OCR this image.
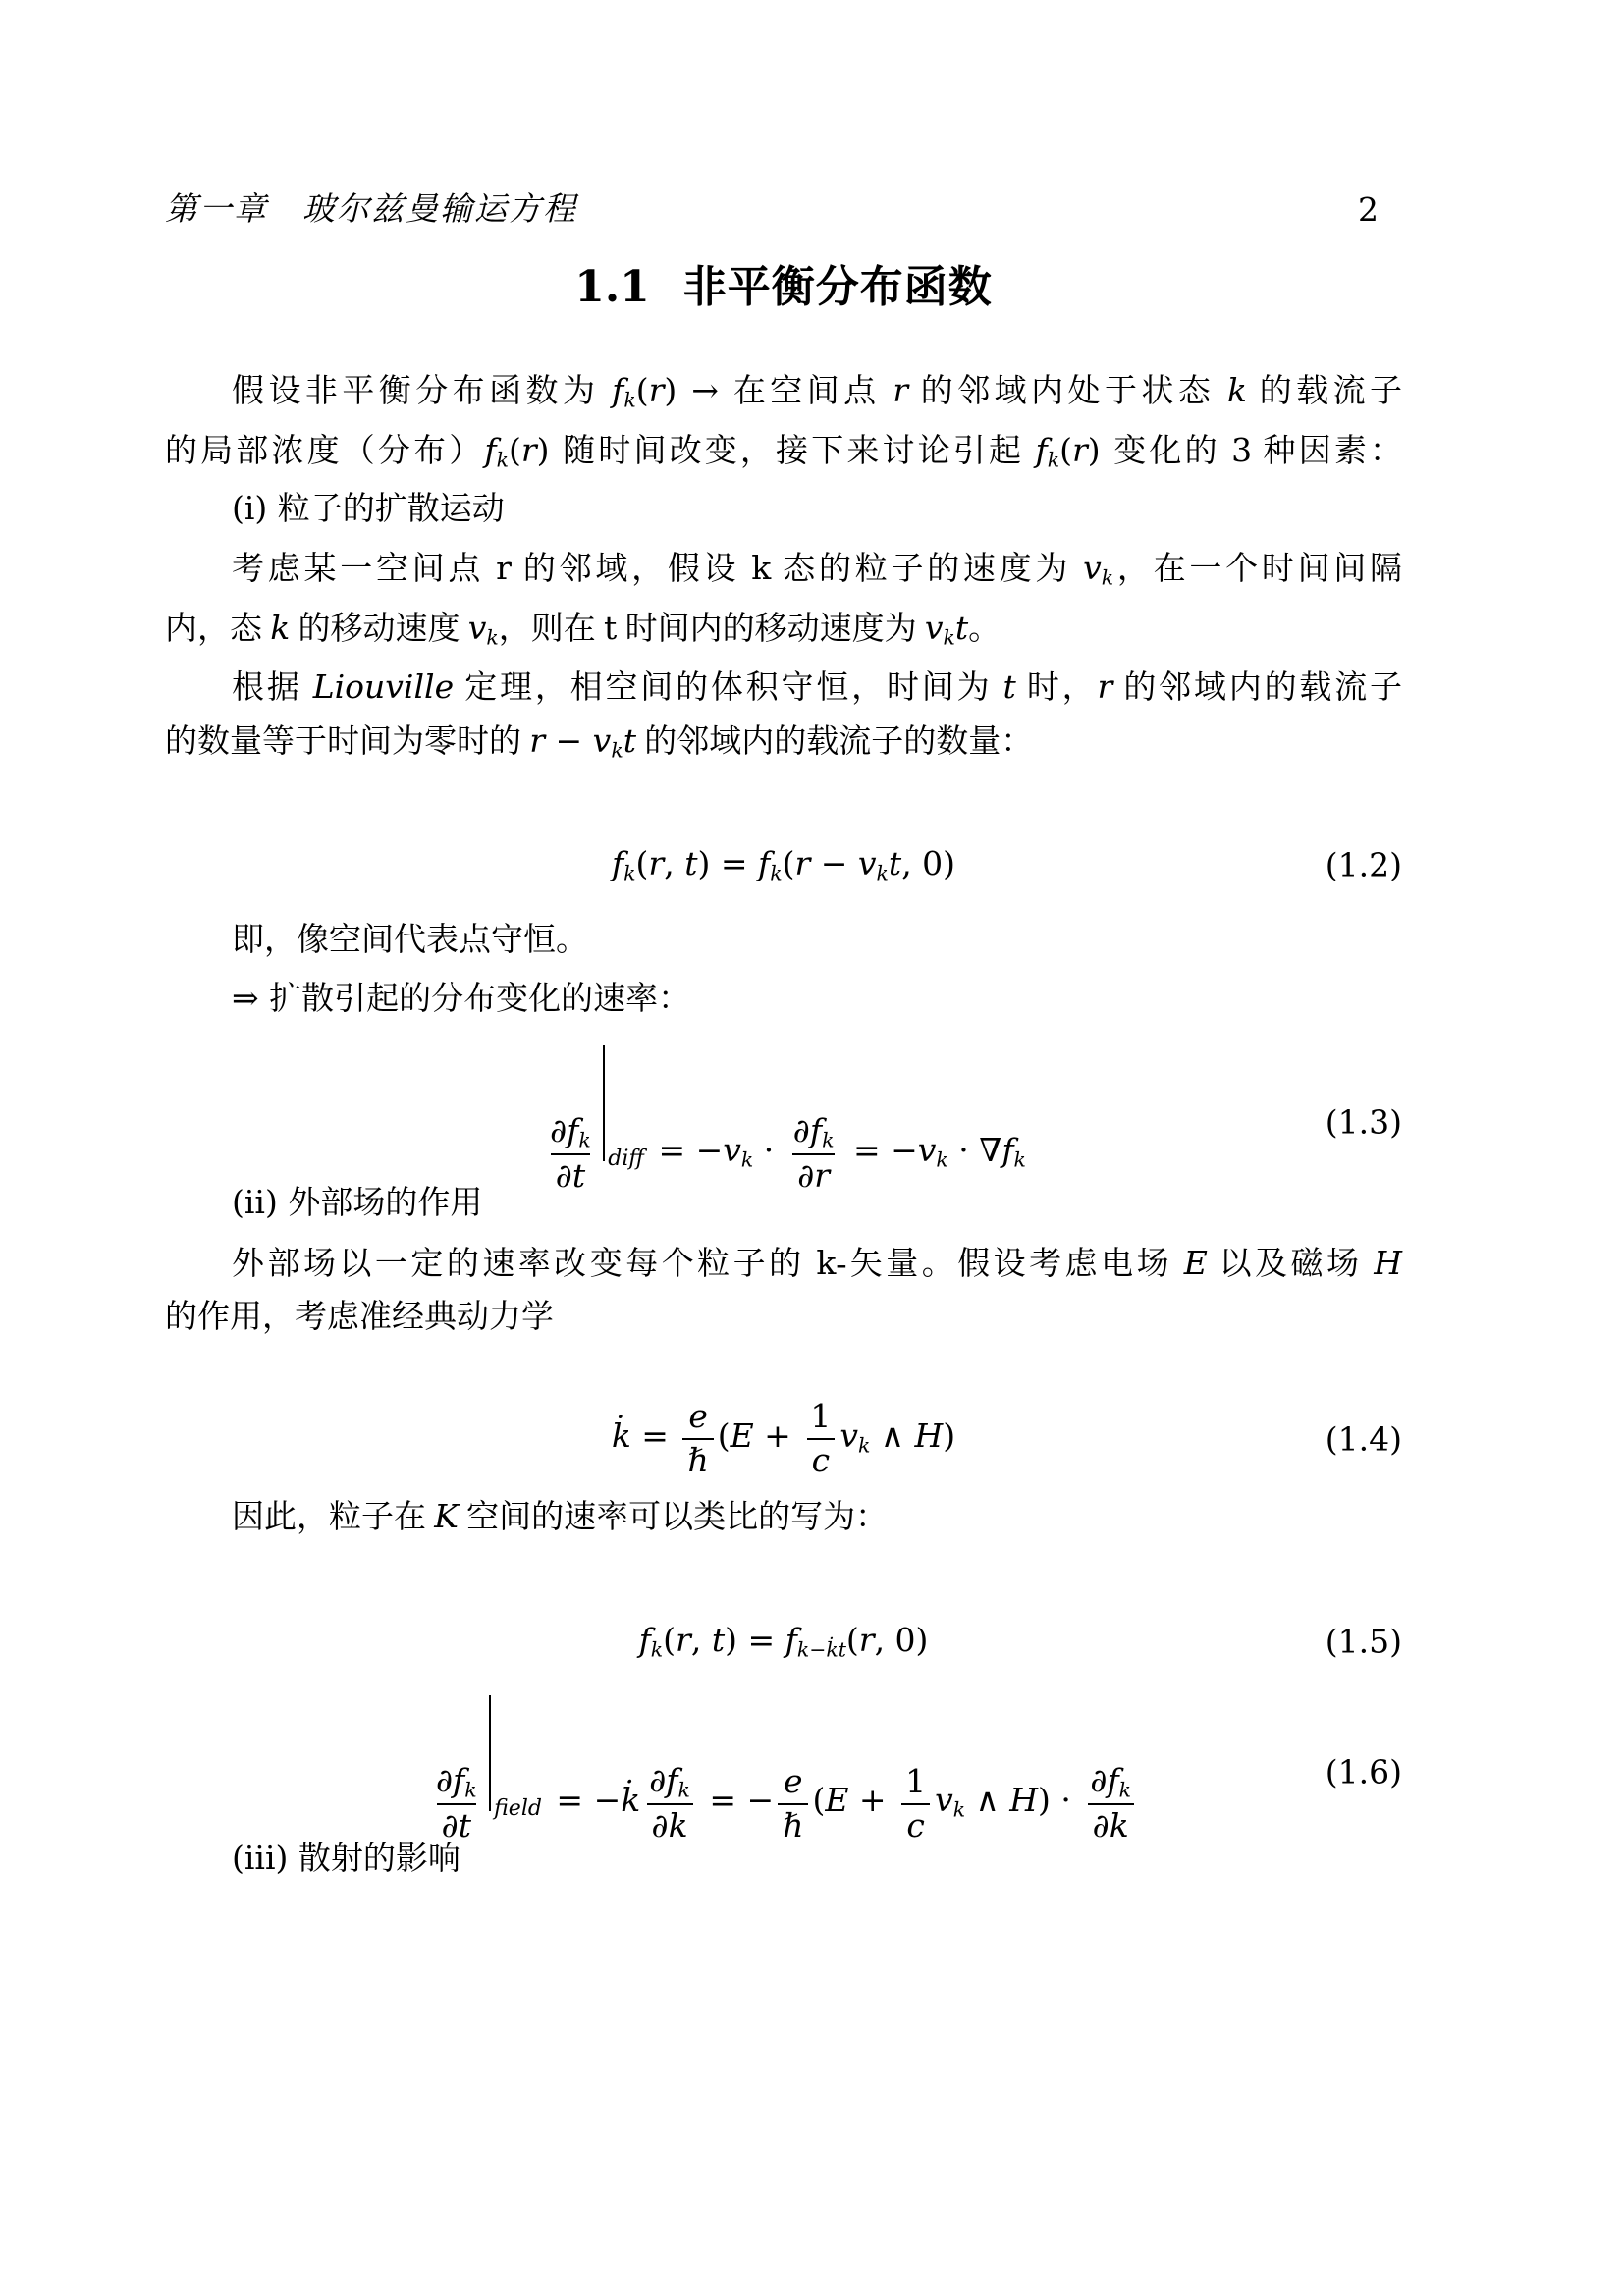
第一章　玻尔兹曼输运方程	2
1.1 非平衡分布函数
假设非平衡分布函数为 fk(r) → 在空间点 r 的邻域内处于状态 k 的载流子
的局部浓度（分布）fk(r) 随时间改变，接下来讨论引起 fk(r) 变化的 3 种因素：
(i) 粒子的扩散运动
考虑某一空间点 r 的邻域，假设 k 态的粒子的速度为 vk，在一个时间间隔
内，态 k 的移动速度 vk，则在 t 时间内的移动速度为 vkt。
根据 Liouville 定理，相空间的体积守恒，时间为 t 时，r 的邻域内的载流子
的数量等于时间为零时的 r − vkt 的邻域内的载流子的数量：
fk(r, t) = fk(r − vkt, 0)	(1.2)
即，像空间代表点守恒。
⇒ 扩散引起的分布变化的速率：
$\frac{\partial fk}{\partial t}$ diff = $-vk \cdot \frac{\partial fk}{\partial r} = -vk \cdot \nabla fk$
(1.3)
(ii) 外部场的作用
外部场以一定的速率改变每个粒子的 k-矢量。假设考虑电场 E 以及磁场 H
的作用，考虑准经典动力学
k̇ = $\frac{e}{\text{ℏ}} (E + \frac{1}{c}$ vk ∧ H)	(1.4)
因此，粒子在 K 空间的速率可以类比的写为：
fk(r, t) = fk−k̇t(r, 0)	(1.5)
$\frac{\partial fk}{\partial t}$ field = −k̇ $\frac{\partial fk}{\partial k}$ = − $\frac{e}{\text{ℏ}} (E + \frac{1}{c}$ vk ∧ $H) \cdot \frac{\partial fk}{\partial k}$	(1.6)
(iii) 散射的影响
